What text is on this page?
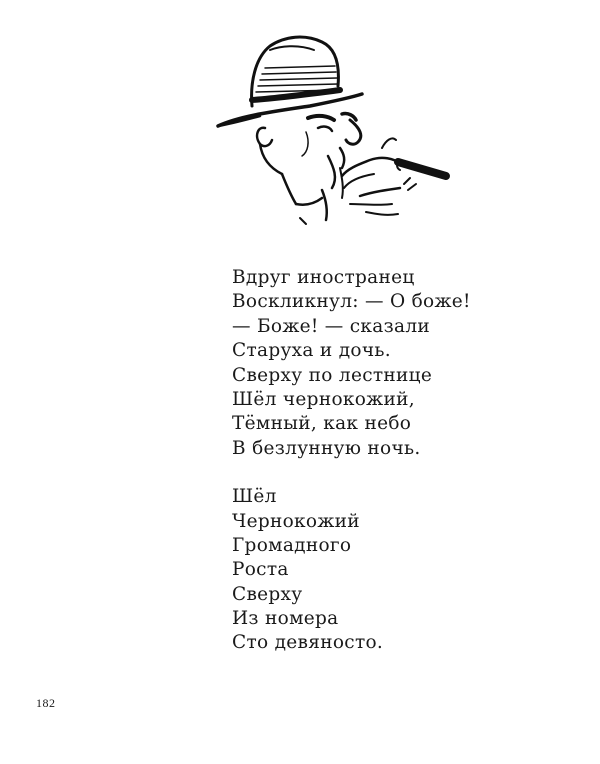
Вдруг иностранец
Воскликнул: — О боже!
— Боже! — сказали
Старуха и дочь.
Сверху по лестнице
Шёл чернокожий,
Тёмный, как небо
В безлунную ночь.
Шёл
Чернокожий
Громадного
Роста
Сверху
Из номера
Сто девяносто.
182
